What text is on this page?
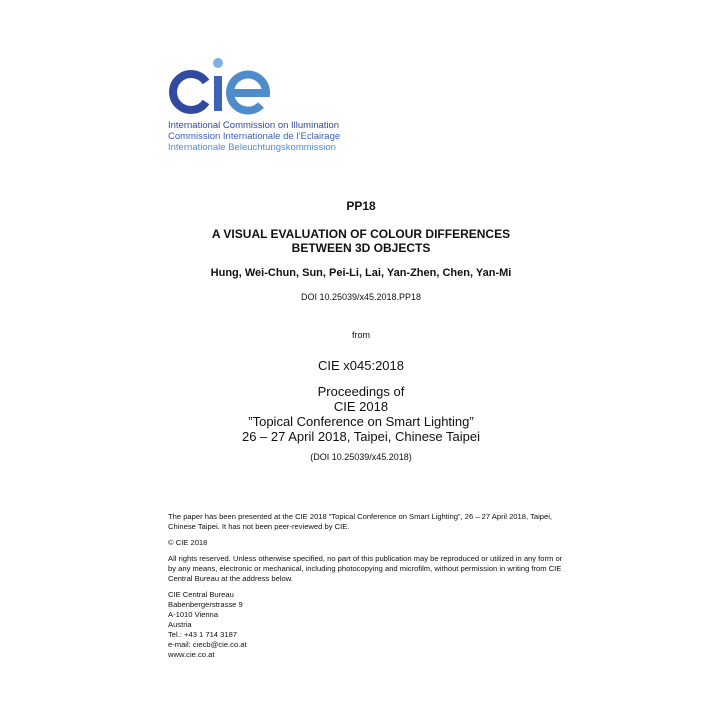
International Commission on Illumination
Commission Internationale de l’Eclairage
Internationale Beleuchtungskommission
PP18
A VISUAL EVALUATION OF COLOUR DIFFERENCES
BETWEEN 3D OBJECTS
Hung, Wei-Chun, Sun, Pei-Li, Lai, Yan-Zhen, Chen, Yan-Mi
DOI 10.25039/x45.2018.PP18
from
CIE x045:2018
Proceedings of
CIE 2018
”Topical Conference on Smart Lighting”
26 – 27 April 2018, Taipei, Chinese Taipei
(DOI 10.25039/x45.2018)

The paper has been presented at the CIE 2018 ”Topical Conference on Smart Lighting”, 26 – 27 April 2018, Taipei, Chinese Taipei. It has not been peer-reviewed by CIE.

© CIE 2018

All rights reserved. Unless otherwise specified, no part of this publication may be reproduced or utilized in any form or by any means, electronic or mechanical, including photocopying and microfilm, without permission in writing from CIE Central Bureau at the address below.

CIE Central Bureau
Babenbergerstrasse 9
A-1010 Vienna
Austria
Tel.: +43 1 714 3187
e-mail: ciecb@cie.co.at
www.cie.co.at
